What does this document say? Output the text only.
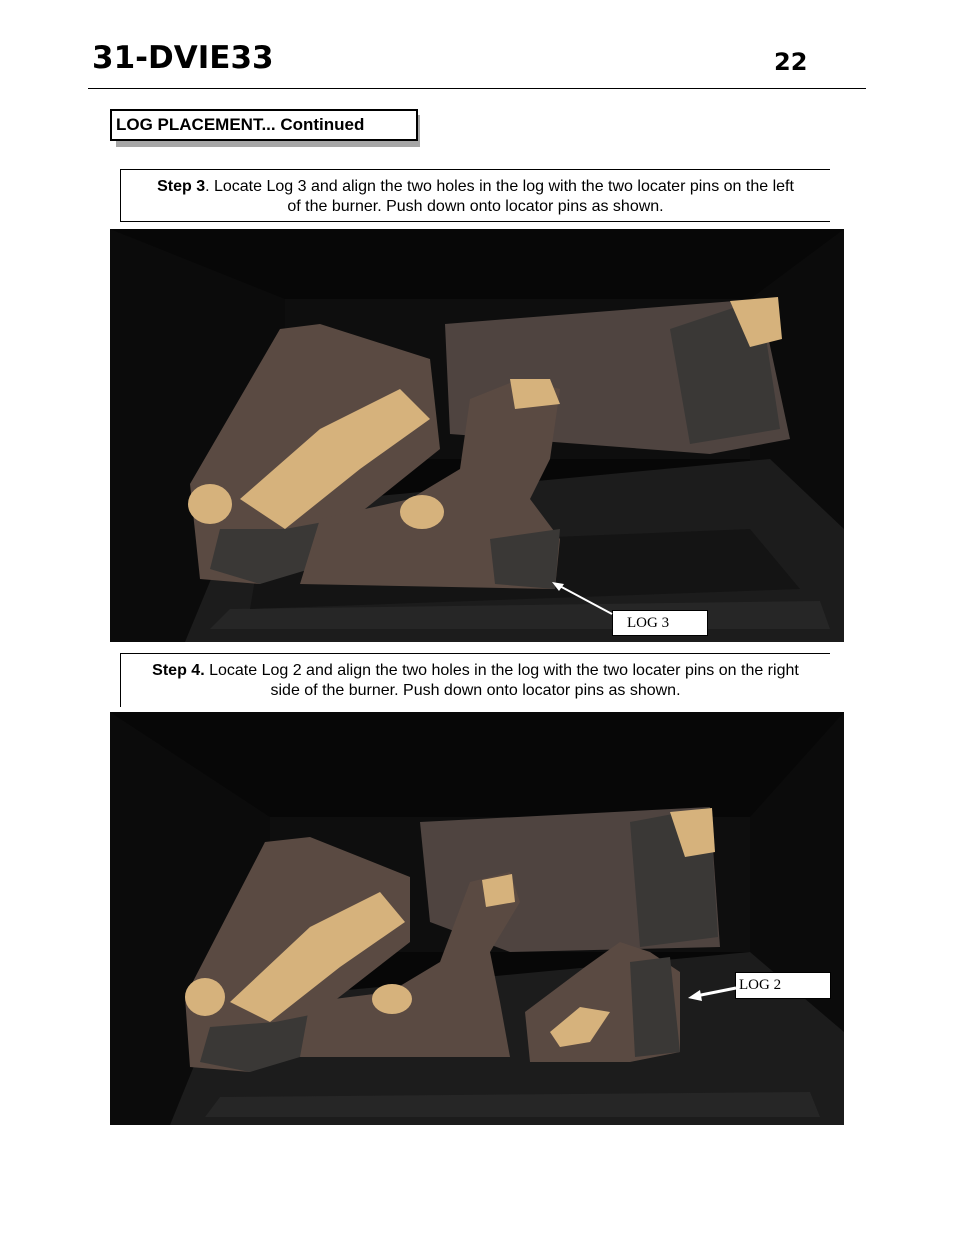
31-DVIE33	22
LOG PLACEMENT... Continued
Step 3. Locate Log 3 and align the two holes in the log with the two locater pins on the left
of the burner. Push down onto locator pins as shown.
LOG 3
Step 4. Locate Log 2 and align the two holes in the log with the two locater pins on the right
side of the burner. Push down onto locator pins as shown.
LOG 2
